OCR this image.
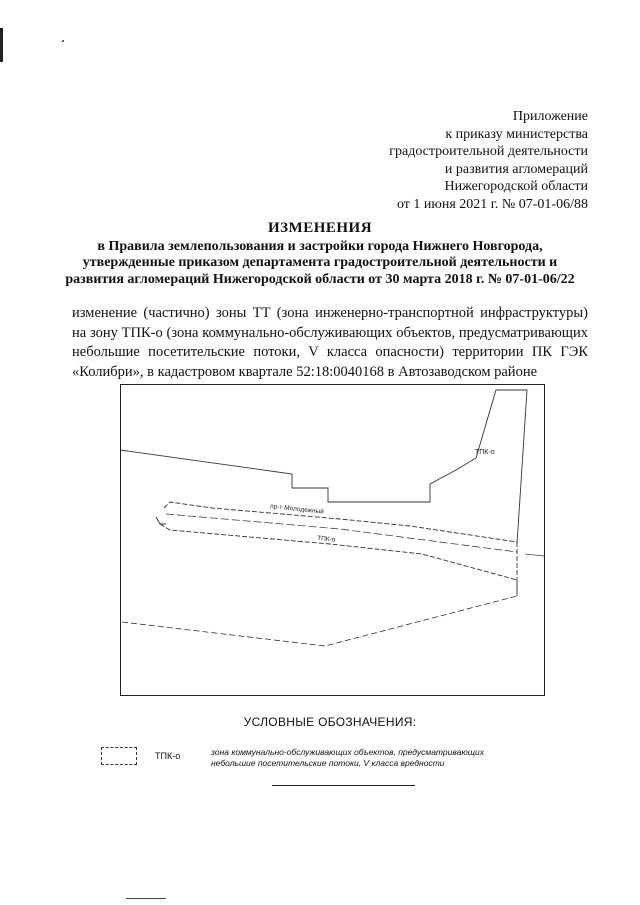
Приложение
к приказу министерства
градостроительной деятельности
и развития агломераций
Нижегородской области
от 1 июня 2021 г. № 07-01-06/88
ИЗМЕНЕНИЯ
в Правила землепользования и застройки города Нижнего Новгорода,
утвержденные приказом департамента градостроительной деятельности и
развития агломераций Нижегородской области от 30 марта 2018 г. № 07-01-06/22
изменение (частично) зоны ТТ (зона инженерно-транспортной инфраструктуры) на зону ТПК-о (зона коммунально-обслуживающих объектов, предусматривающих небольшие посетительские потоки, V класса опасности) территории ПК ГЭК «Колибри», в кадастровом квартале 52:18:0040168 в Автозаводском районе
ТПК-о
пр-т Молодежный
ТПК-о
УСЛОВНЫЕ ОБОЗНАЧЕНИЯ:
ТПК-о	зона коммунально-обслуживающих объектов, предусматривающих небольшие посетительские потоки, V класса вредности
